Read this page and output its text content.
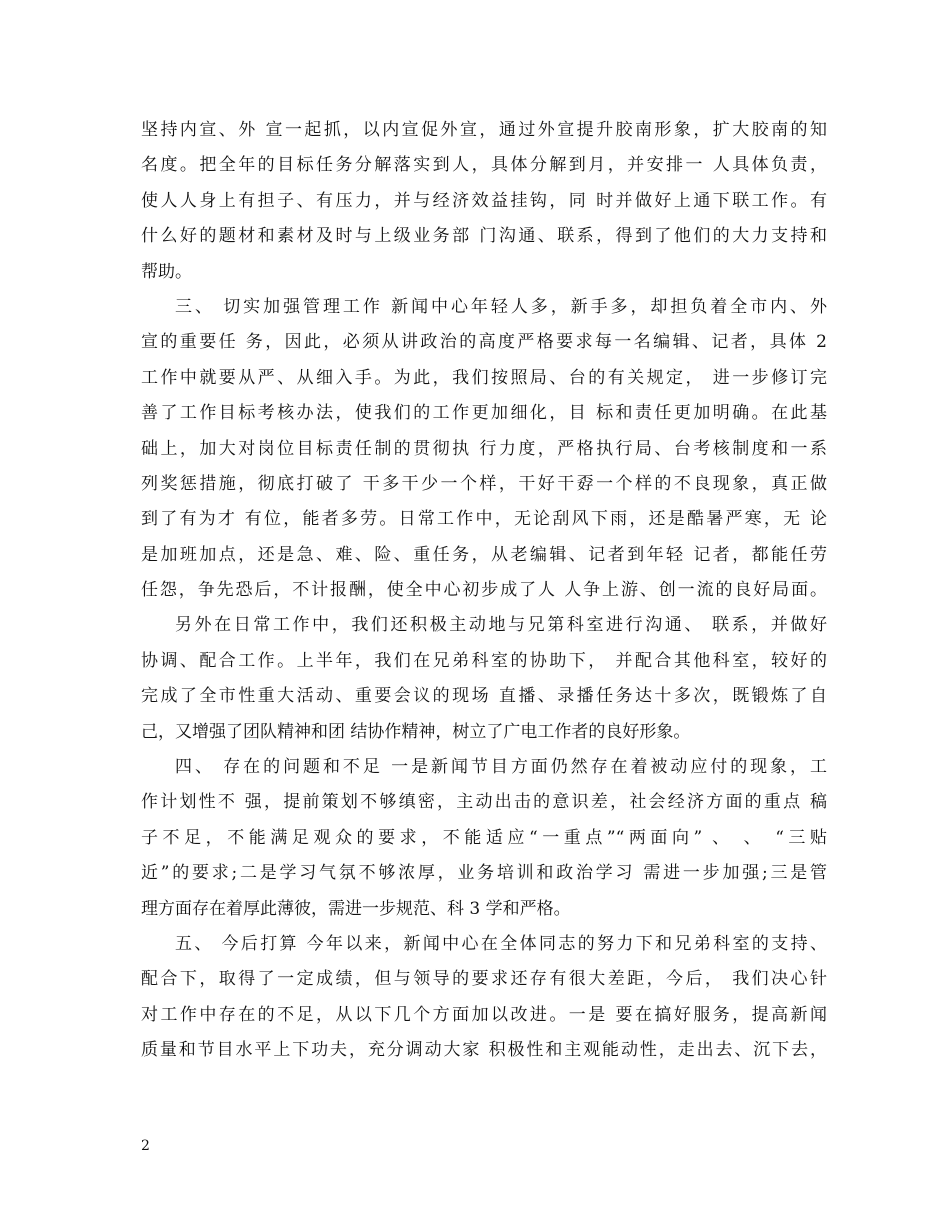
坚持内宣、外 宣一起抓，以内宣促外宣，通过外宣提升胶南形象，扩大胶南的知
名度。把全年的目标任务分解落实到人，具体分解到月，并安排一 人具体负责，
使人人身上有担子、有压力，并与经济效益挂钩，同 时并做好上通下联工作。有
什么好的题材和素材及时与上级业务部 门沟通、联系，得到了他们的大力支持和
帮助。

三、 切实加强管理工作 新闻中心年轻人多，新手多，却担负着全市内、外
宣的重要任 务，因此，必须从讲政治的高度严格要求每一名编辑、记者，具体 2
工作中就要从严、从细入手。为此，我们按照局、台的有关规定， 进一步修订完
善了工作目标考核办法，使我们的工作更加细化，目 标和责任更加明确。在此基
础上，加大对岗位目标责任制的贯彻执 行力度，严格执行局、台考核制度和一系
列奖惩措施，彻底打破了 干多干少一个样，干好干孬一个样的不良现象，真正做
到了有为才 有位，能者多劳。日常工作中，无论刮风下雨，还是酷暑严寒，无 论
是加班加点，还是急、难、险、重任务，从老编辑、记者到年轻 记者，都能任劳
任怨，争先恐后，不计报酬，使全中心初步成了人 人争上游、创一流的良好局面。

另外在日常工作中，我们还积极主动地与兄第科室进行沟通、 联系，并做好
协调、配合工作。上半年，我们在兄弟科室的协助下， 并配合其他科室，较好的
完成了全市性重大活动、重要会议的现场 直播、录播任务达十多次，既锻炼了自
己，又增强了团队精神和团 结协作精神，树立了广电工作者的良好形象。

四、 存在的问题和不足 一是新闻节目方面仍然存在着被动应付的现象，工
作计划性不 强，提前策划不够缜密，主动出击的意识差，社会经济方面的重点 稿
子不足，不能满足观众的要求，不能适应“一重点”“两面向” 、 、 “三贴
近”的要求;二是学习气氛不够浓厚，业务培训和政治学习 需进一步加强;三是管
理方面存在着厚此薄彼，需进一步规范、科 3 学和严格。

五、 今后打算 今年以来，新闻中心在全体同志的努力下和兄弟科室的支持、
配合下，取得了一定成绩，但与领导的要求还存有很大差距，今后， 我们决心针
对工作中存在的不足，从以下几个方面加以改进。一是 要在搞好服务，提高新闻
质量和节目水平上下功夫，充分调动大家 积极性和主观能动性，走出去、沉下去，

2
